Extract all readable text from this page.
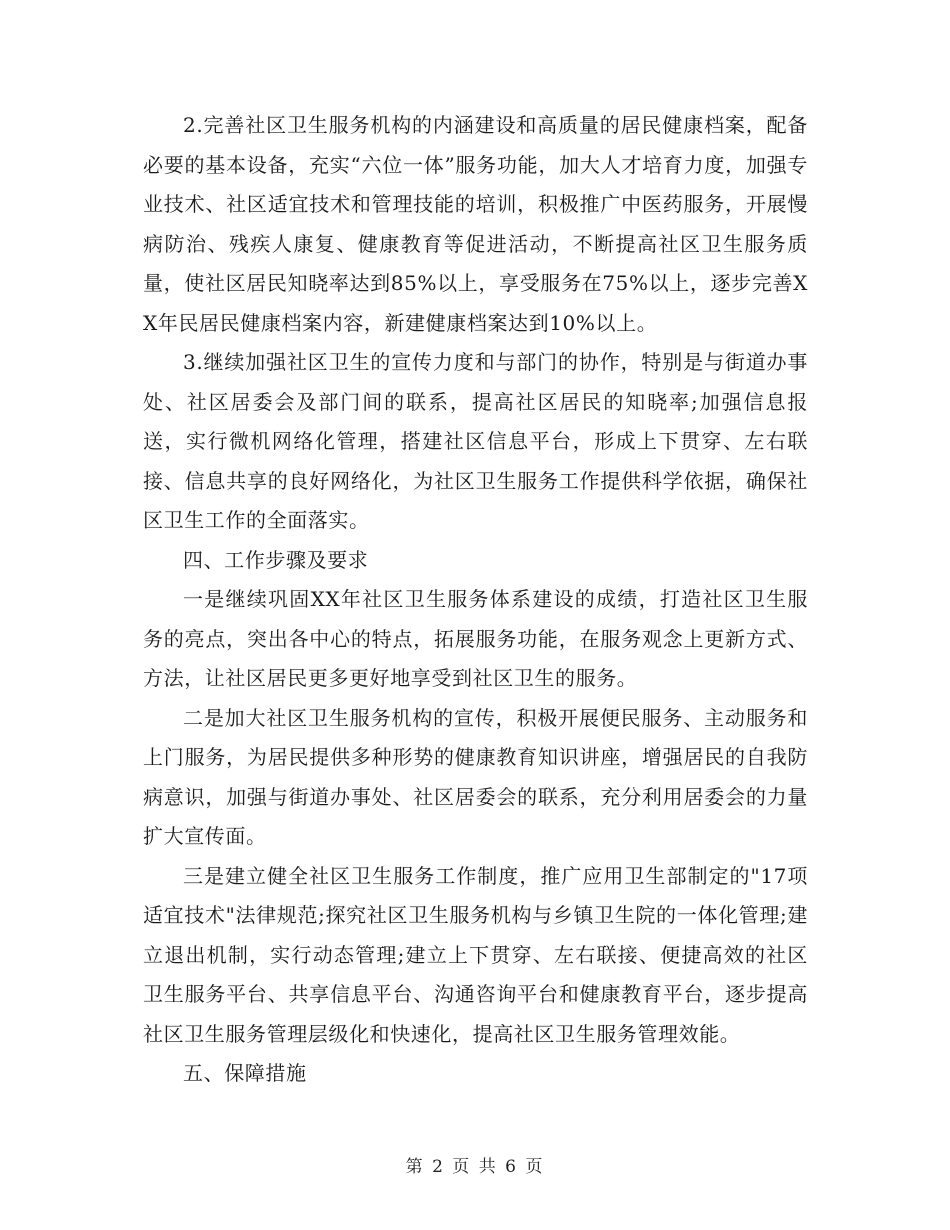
2.完善社区卫生服务机构的内涵建设和高质量的居民健康档案，配备必要的基本设备，充实“六位一体”服务功能，加大人才培育力度，加强专业技术、社区适宜技术和管理技能的培训，积极推广中医药服务，开展慢病防治、残疾人康复、健康教育等促进活动，不断提高社区卫生服务质量，使社区居民知晓率达到85%以上，享受服务在75%以上，逐步完善XX年民居民健康档案内容，新建健康档案达到10%以上。

3.继续加强社区卫生的宣传力度和与部门的协作，特别是与街道办事处、社区居委会及部门间的联系，提高社区居民的知晓率;加强信息报送，实行微机网络化管理，搭建社区信息平台，形成上下贯穿、左右联接、信息共享的良好网络化，为社区卫生服务工作提供科学依据，确保社区卫生工作的全面落实。

四、工作步骤及要求

一是继续巩固XX年社区卫生服务体系建设的成绩，打造社区卫生服务的亮点，突出各中心的特点，拓展服务功能，在服务观念上更新方式、方法，让社区居民更多更好地享受到社区卫生的服务。

二是加大社区卫生服务机构的宣传，积极开展便民服务、主动服务和上门服务，为居民提供多种形势的健康教育知识讲座，增强居民的自我防病意识，加强与街道办事处、社区居委会的联系，充分利用居委会的力量扩大宣传面。

三是建立健全社区卫生服务工作制度，推广应用卫生部制定的"17项适宜技术"法律规范;探究社区卫生服务机构与乡镇卫生院的一体化管理;建立退出机制，实行动态管理;建立上下贯穿、左右联接、便捷高效的社区卫生服务平台、共享信息平台、沟通咨询平台和健康教育平台，逐步提高社区卫生服务管理层级化和快速化，提高社区卫生服务管理效能。

五、保障措施

第 2 页 共 6 页
